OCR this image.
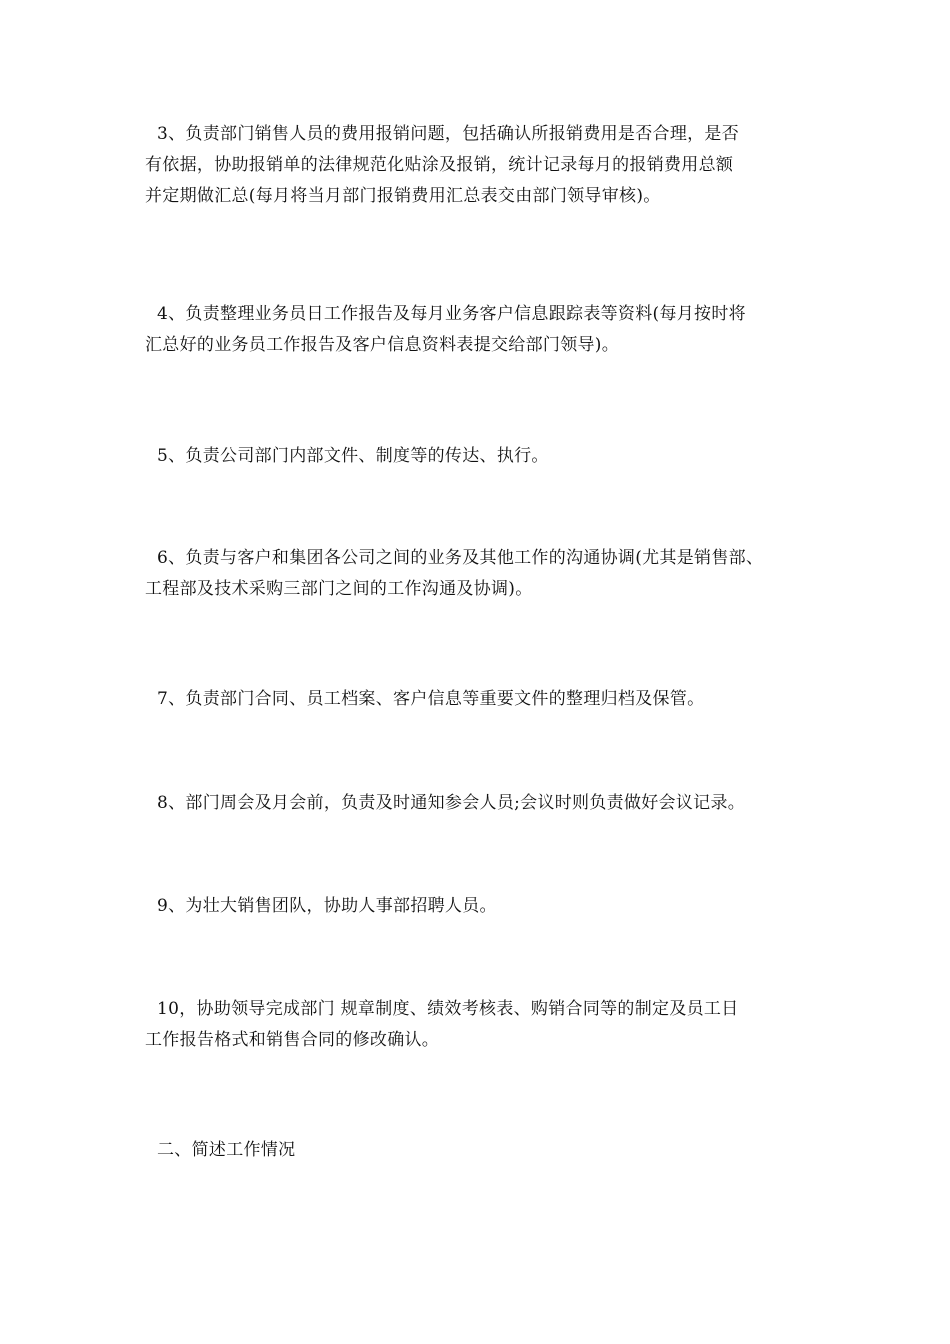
3、负责部门销售人员的费用报销问题，包括确认所报销费用是否合理，是否
有依据，协助报销单的法律规范化贴涂及报销，统计记录每月的报销费用总额
并定期做汇总(每月将当月部门报销费用汇总表交由部门领导审核)。
4、负责整理业务员日工作报告及每月业务客户信息跟踪表等资料(每月按时将
汇总好的业务员工作报告及客户信息资料表提交给部门领导)。
5、负责公司部门内部文件、制度等的传达、执行。
6、负责与客户和集团各公司之间的业务及其他工作的沟通协调(尤其是销售部、
工程部及技术采购三部门之间的工作沟通及协调)。
7、负责部门合同、员工档案、客户信息等重要文件的整理归档及保管。
8、部门周会及月会前，负责及时通知参会人员;会议时则负责做好会议记录。
9、为壮大销售团队，协助人事部招聘人员。
10，协助领导完成部门 规章制度、绩效考核表、购销合同等的制定及员工日
工作报告格式和销售合同的修改确认。
二、简述工作情况
